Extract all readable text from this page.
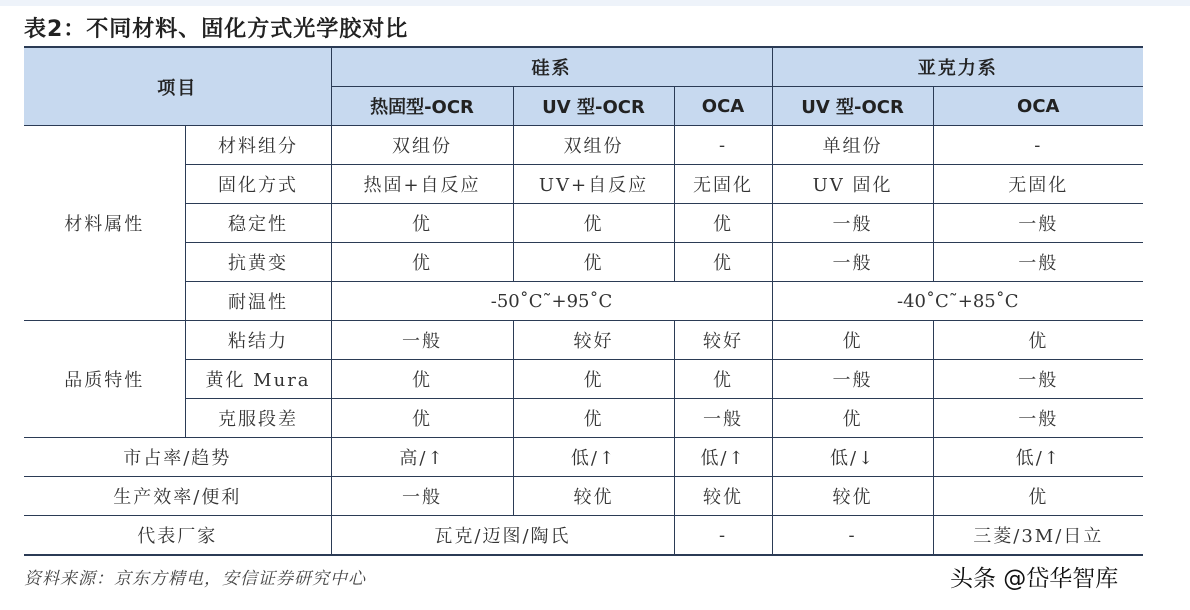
表2：不同材料、固化方式光学胶对比
项目		硅系			亚克力系	
		热固型-OCR	UV 型-OCR	OCA	UV 型-OCR	OCA
材料属性	材料组分	双组份	双组份	-	单组份	-
	固化方式	热固+自反应	UV+自反应	无固化	UV 固化	无固化
	稳定性	优	优	优	一般	一般
	抗黄变	优	优	优	一般	一般
	耐温性	-50˚C˜+95˚C			-40˚C˜+85˚C	
品质特性	粘结力	一般	较好	较好	优	优
	黄化 Mura	优	优	优	一般	一般
	克服段差	优	优	一般	优	一般
市占率/趋势		高/↑	低/↑	低/↑	低/↓	低/↑
生产效率/便利		一般	较优	较优	较优	优
代表厂家		瓦克/迈图/陶氏		-	-	三菱/3M/日立
资料来源：京东方精电，安信证券研究中心	头条 @岱华智库
